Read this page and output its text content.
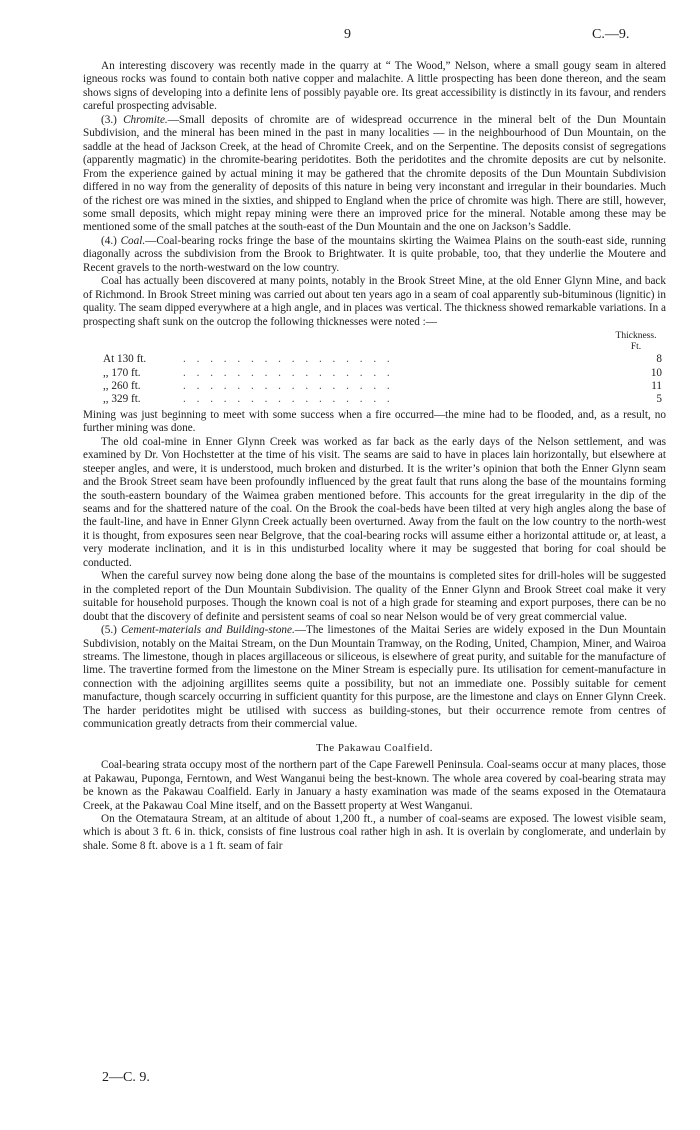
9	C.—9.

An interesting discovery was recently made in the quarry at “ The Wood,” Nelson, where a small gougy seam in altered igneous rocks was found to contain both native copper and malachite. A little prospecting has been done thereon, and the seam shows signs of developing into a definite lens of possibly payable ore. Its great accessibility is distinctly in its favour, and renders careful prospecting advisable.

(3.) Chromite.—Small deposits of chromite are of widespread occurrence in the mineral belt of the Dun Mountain Subdivision, and the mineral has been mined in the past in many localities — in the neighbourhood of Dun Mountain, on the saddle at the head of Jackson Creek, at the head of Chromite Creek, and on the Serpentine. The deposits consist of segregations (apparently magmatic) in the chromite-bearing peridotites. Both the peridotites and the chromite deposits are cut by nelsonite. From the experience gained by actual mining it may be gathered that the chromite deposits of the Dun Mountain Subdivision differed in no way from the generality of deposits of this nature in being very inconstant and irregular in their boundaries. Much of the richest ore was mined in the sixties, and shipped to England when the price of chromite was high. There are still, however, some small deposits, which might repay mining were there an improved price for the mineral. Notable among these may be mentioned some of the small patches at the south-east of the Dun Mountain and the one on Jackson’s Saddle.

(4.) Coal.—Coal-bearing rocks fringe the base of the mountains skirting the Waimea Plains on the south-east side, running diagonally across the subdivision from the Brook to Brightwater. It is quite probable, too, that they underlie the Moutere and Recent gravels to the north-westward on the low country.

Coal has actually been discovered at many points, notably in the Brook Street Mine, at the old Enner Glynn Mine, and back of Richmond. In Brook Street mining was carried out about ten years ago in a seam of coal apparently sub-bituminous (lignitic) in quality. The seam dipped everywhere at a high angle, and in places was vertical. The thickness showed remarkable variations. In a prospecting shaft sunk on the outcrop the following thicknesses were noted :—

Thickness.
Ft.
At 130 ft.	. . . . . . . . . . . . . . . .	8
,, 170 ft.	. . . . . . . . . . . . . . . .	10
,, 260 ft.	. . . . . . . . . . . . . . . .	11
,, 329 ft.	. . . . . . . . . . . . . . . .	5

Mining was just beginning to meet with some success when a fire occurred—the mine had to be flooded, and, as a result, no further mining was done.

The old coal-mine in Enner Glynn Creek was worked as far back as the early days of the Nelson settlement, and was examined by Dr. Von Hochstetter at the time of his visit. The seams are said to have in places lain horizontally, but elsewhere at steeper angles, and were, it is understood, much broken and disturbed. It is the writer’s opinion that both the Enner Glynn seam and the Brook Street seam have been profoundly influenced by the great fault that runs along the base of the mountains forming the south-eastern boundary of the Waimea graben mentioned before. This accounts for the great irregularity in the dip of the seams and for the shattered nature of the coal. On the Brook the coal-beds have been tilted at very high angles along the base of the fault-line, and have in Enner Glynn Creek actually been overturned. Away from the fault on the low country to the north-west it is thought, from exposures seen near Belgrove, that the coal-bearing rocks will assume either a horizontal attitude or, at least, a very moderate inclination, and it is in this undisturbed locality where it may be suggested that boring for coal should be conducted.

When the careful survey now being done along the base of the mountains is completed sites for drill-holes will be suggested in the completed report of the Dun Mountain Subdivision. The quality of the Enner Glynn and Brook Street coal make it very suitable for household purposes. Though the known coal is not of a high grade for steaming and export purposes, there can be no doubt that the discovery of definite and persistent seams of coal so near Nelson would be of very great commercial value.

(5.) Cement-materials and Building-stone.—The limestones of the Maitai Series are widely exposed in the Dun Mountain Subdivision, notably on the Maitai Stream, on the Dun Mountain Tramway, on the Roding, United, Champion, Miner, and Wairoa streams. The limestone, though in places argillaceous or siliceous, is elsewhere of great purity, and suitable for the manufacture of lime. The travertine formed from the limestone on the Miner Stream is especially pure. Its utilisation for cement-manufacture in connection with the adjoining argillites seems quite a possibility, but not an immediate one. Possibly suitable for cement manufacture, though scarcely occurring in sufficient quantity for this purpose, are the limestone and clays on Enner Glynn Creek. The harder peridotites might be utilised with success as building-stones, but their occurrence remote from centres of communication greatly detracts from their commercial value.

The Pakawau Coalfield.

Coal-bearing strata occupy most of the northern part of the Cape Farewell Peninsula. Coal-seams occur at many places, those at Pakawau, Puponga, Ferntown, and West Wanganui being the best-known. The whole area covered by coal-bearing strata may be known as the Pakawau Coalfield. Early in January a hasty examination was made of the seams exposed in the Otemataura Creek, at the Pakawau Coal Mine itself, and on the Bassett property at West Wanganui.

On the Otemataura Stream, at an altitude of about 1,200 ft., a number of coal-seams are exposed. The lowest visible seam, which is about 3 ft. 6 in. thick, consists of fine lustrous coal rather high in ash. It is overlain by conglomerate, and underlain by shale. Some 8 ft. above is a 1 ft. seam of fair

2—C. 9.
